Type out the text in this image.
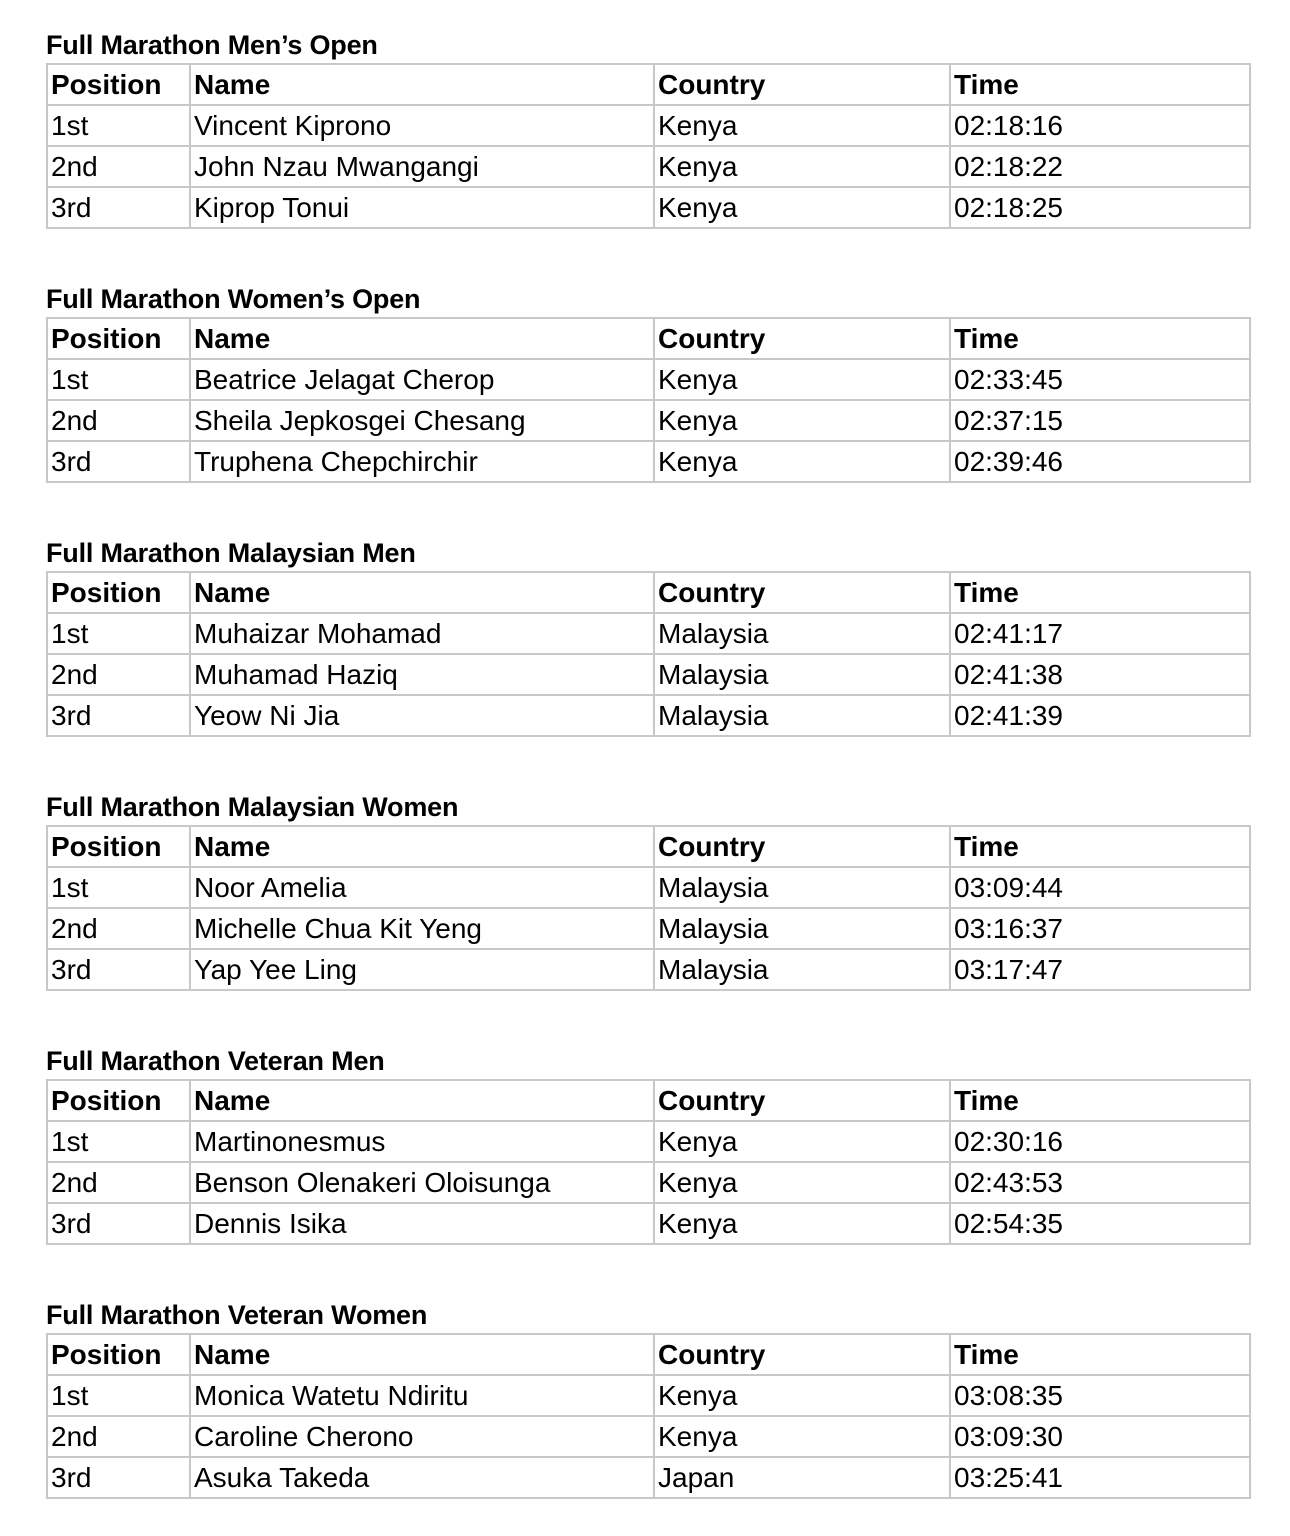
Full Marathon Men’s Open
Position	Name	Country	Time
1st	Vincent Kiprono	Kenya	02:18:16
2nd	John Nzau Mwangangi	Kenya	02:18:22
3rd	Kiprop Tonui	Kenya	02:18:25
Full Marathon Women’s Open
Position	Name	Country	Time
1st	Beatrice Jelagat Cherop	Kenya	02:33:45
2nd	Sheila Jepkosgei Chesang	Kenya	02:37:15
3rd	Truphena Chepchirchir	Kenya	02:39:46
Full Marathon Malaysian Men
Position	Name	Country	Time
1st	Muhaizar Mohamad	Malaysia	02:41:17
2nd	Muhamad Haziq	Malaysia	02:41:38
3rd	Yeow Ni Jia	Malaysia	02:41:39
Full Marathon Malaysian Women
Position	Name	Country	Time
1st	Noor Amelia	Malaysia	03:09:44
2nd	Michelle Chua Kit Yeng	Malaysia	03:16:37
3rd	Yap Yee Ling	Malaysia	03:17:47
Full Marathon Veteran Men
Position	Name	Country	Time
1st	Martinonesmus	Kenya	02:30:16
2nd	Benson Olenakeri Oloisunga	Kenya	02:43:53
3rd	Dennis Isika	Kenya	02:54:35
Full Marathon Veteran Women
Position	Name	Country	Time
1st	Monica Watetu Ndiritu	Kenya	03:08:35
2nd	Caroline Cherono	Kenya	03:09:30
3rd	Asuka Takeda	Japan	03:25:41
